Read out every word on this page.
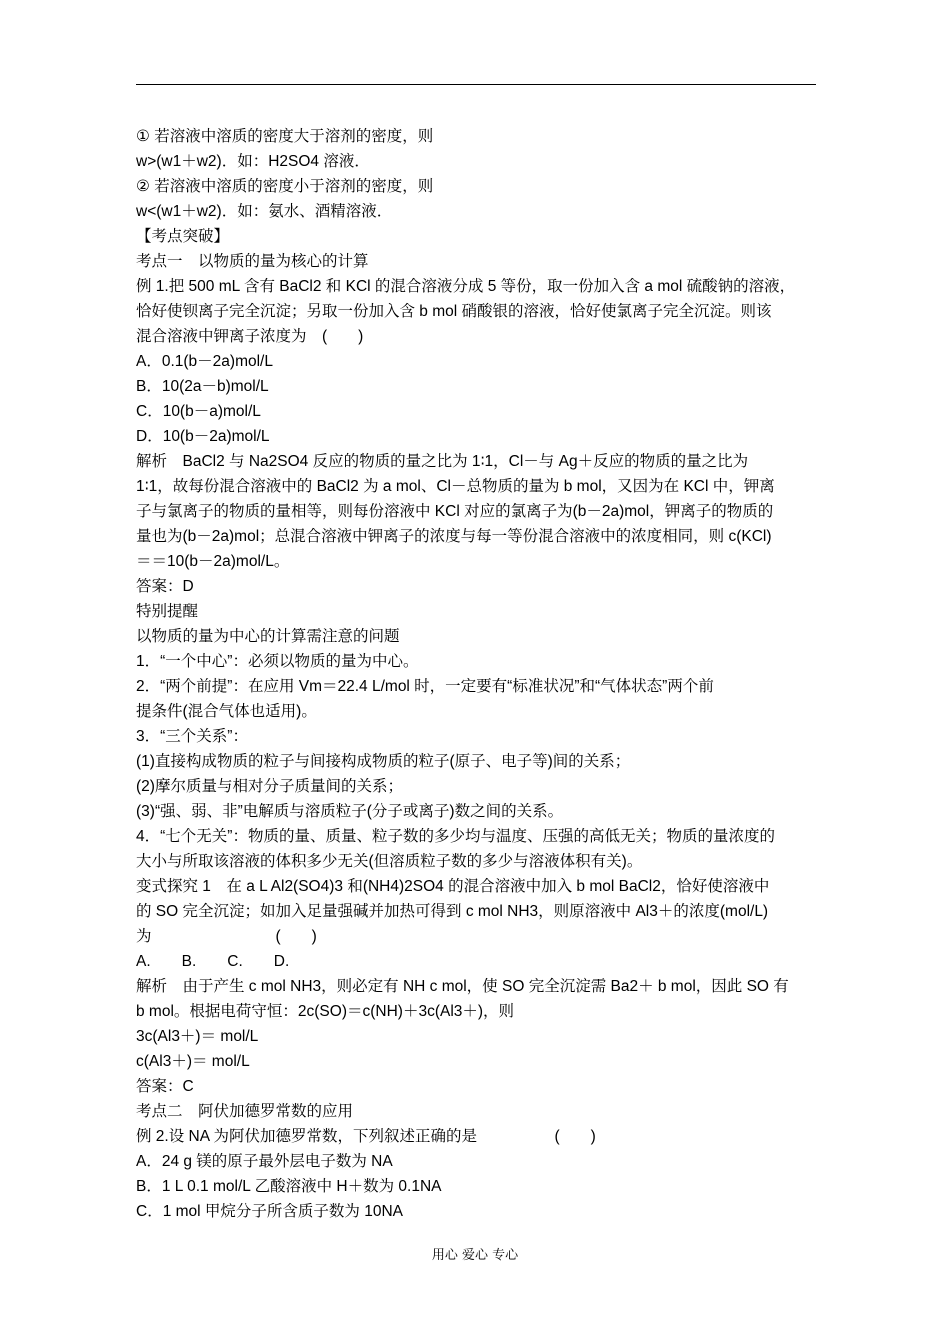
① 若溶液中溶质的密度大于溶剂的密度，则
w>(w1＋w2)．如：H2SO4 溶液．
② 若溶液中溶质的密度小于溶剂的密度，则
w<(w1＋w2)．如：氨水、酒精溶液．
【考点突破】
考点一　以物质的量为核心的计算
例 1.把 500 mL 含有 BaCl2 和 KCl 的混合溶液分成 5 等份，取一份加入含 a mol 硫酸钠的溶液，
恰好使钡离子完全沉淀；另取一份加入含 b mol 硝酸银的溶液，恰好使氯离子完全沉淀。则该
混合溶液中钾离子浓度为　(　　)
A．0.1(b－2a)mol/L
B．10(2a－b)mol/L
C．10(b－a)mol/L
D．10(b－2a)mol/L
解析　BaCl2 与 Na2SO4 反应的物质的量之比为 1∶1，Cl－与 Ag＋反应的物质的量之比为
1∶1，故每份混合溶液中的 BaCl2 为 a mol、Cl－总物质的量为 b mol，又因为在 KCl 中，钾离
子与氯离子的物质的量相等，则每份溶液中 KCl 对应的氯离子为(b－2a)mol，钾离子的物质的
量也为(b－2a)mol；总混合溶液中钾离子的浓度与每一等份混合溶液中的浓度相同，则 c(KCl)
＝＝10(b－2a)mol/L。
答案：D
特别提醒
以物质的量为中心的计算需注意的问题
1．“一个中心”：必须以物质的量为中心。
2．“两个前提”：在应用 Vm＝22.4 L/mol 时，一定要有“标准状况”和“气体状态”两个前
提条件(混合气体也适用)。
3．“三个关系”：
(1)直接构成物质的粒子与间接构成物质的粒子(原子、电子等)间的关系；
(2)摩尔质量与相对分子质量间的关系；
(3)“强、弱、非”电解质与溶质粒子(分子或离子)数之间的关系。
4．“七个无关”：物质的量、质量、粒子数的多少均与温度、压强的高低无关；物质的量浓度的
大小与所取该溶液的体积多少无关(但溶质粒子数的多少与溶液体积有关)。
变式探究 1　在 a L Al2(SO4)3 和(NH4)2SO4 的混合溶液中加入 b mol BaCl2，恰好使溶液中
的 SO 完全沉淀；如加入足量强碱并加热可得到 c mol NH3，则原溶液中 Al3＋的浓度(mol/L)
为　　　　　　　　(　　)
A.　　B.　　C.　　D.
解析　由于产生 c mol NH3，则必定有 NH c mol，使 SO 完全沉淀需 Ba2＋ b mol，因此 SO 有
b mol。根据电荷守恒：2c(SO)＝c(NH)＋3c(Al3＋)，则
3c(Al3＋)＝ mol/L
c(Al3＋)＝ mol/L
答案：C
考点二　阿伏加德罗常数的应用
例 2.设 NA 为阿伏加德罗常数，下列叙述正确的是　　　　　(　　)
A．24 g 镁的原子最外层电子数为 NA
B．1 L 0.1 mol/L 乙酸溶液中 H＋数为 0.1NA
C．1 mol 甲烷分子所含质子数为 10NA
用心 爱心 专心
